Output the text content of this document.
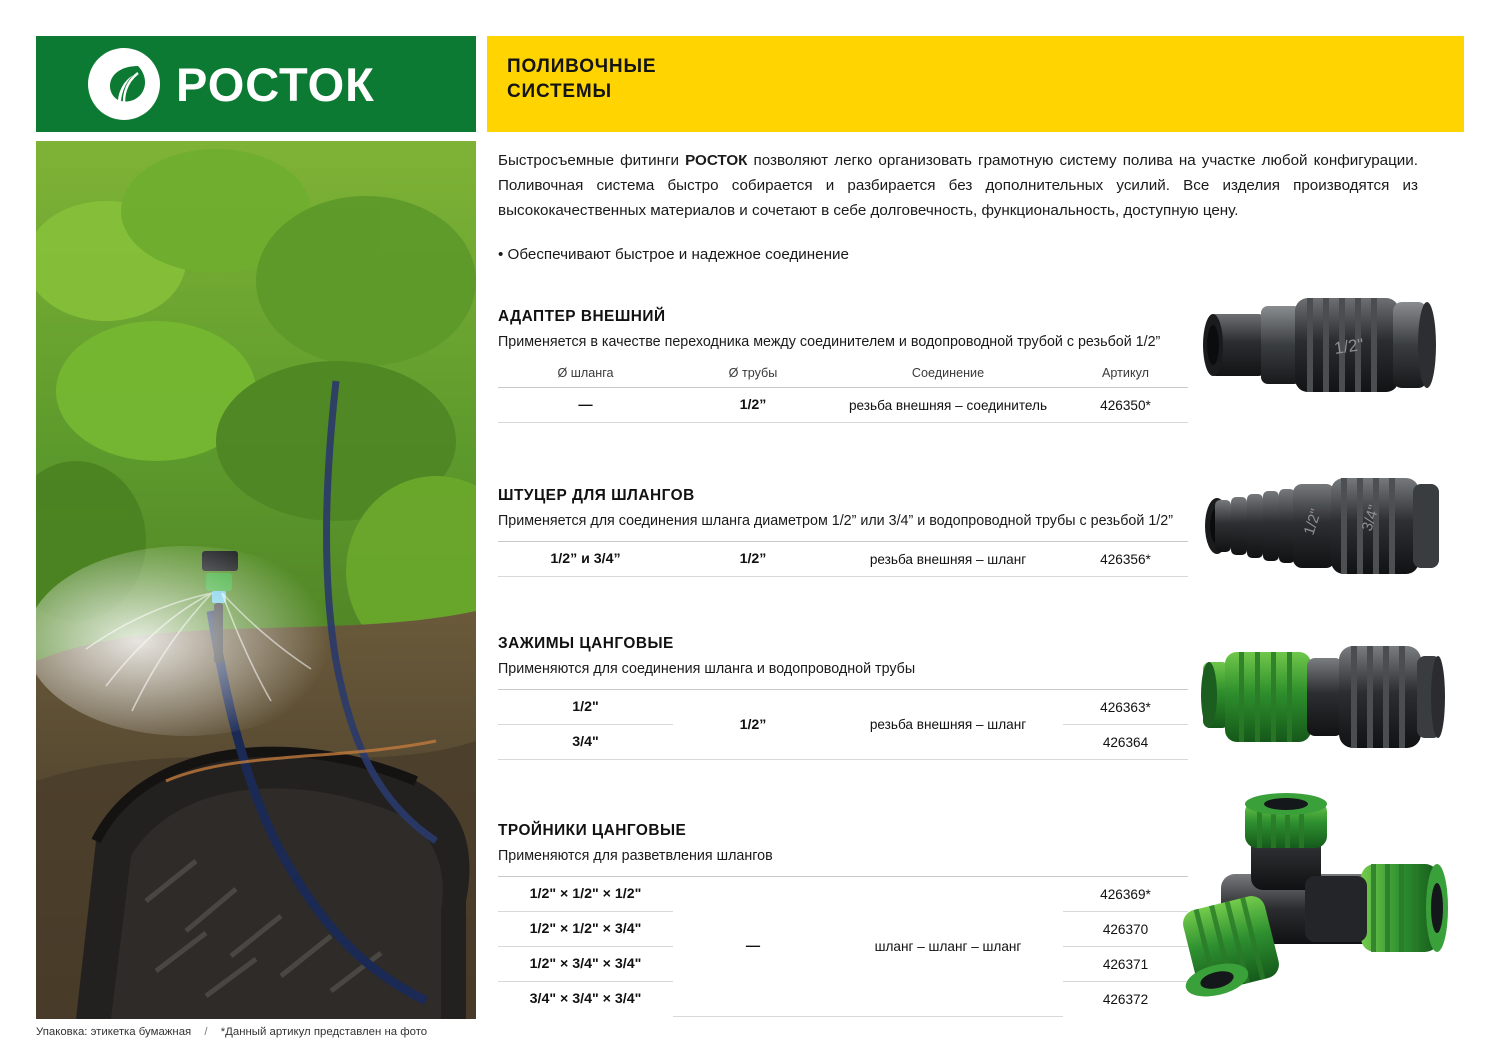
РОСТОК	ПОЛИВОЧНЫЕ
СИСТЕМЫ

Быстросъемные фитинги РОСТОК позволяют легко организовать грамотную систему полива на участке любой конфигурации. Поливочная система быстро собирается и разбирается без дополнительных усилий. Все изделия производятся из высококачественных материалов и сочетают в себе долговечность, функциональность, доступную цену.

• Обеспечивают быстрое и надежное соединение
АДАПТЕР ВНЕШНИЙ
Применяется в качестве переходника между соединителем и водопроводной трубой с резьбой 1/2”
Ø шланга	Ø трубы	Соединение	Артикул
—	1/2”	резьба внешняя – соединитель	426350*
ШТУЦЕР ДЛЯ ШЛАНГОВ
Применяется для соединения шланга диаметром 1/2” или 3/4” и водопроводной трубы с резьбой 1/2”
1/2” и 3/4”	1/2”	резьба внешняя – шланг	426356*
ЗАЖИМЫ ЦАНГОВЫЕ
Применяются для соединения шланга и водопроводной трубы
1/2"	1/2”	резьба внешняя – шланг	426363*
3/4"			426364
ТРОЙНИКИ ЦАНГОВЫЕ
Применяются для разветвления шлангов
1/2" × 1/2" × 1/2"	—	шланг – шланг – шланг	426369*
1/2" × 1/2" × 3/4"			426370
1/2" × 3/4" × 3/4"			426371
3/4" × 3/4" × 3/4"			426372
1/2"
1/2" 3/4"
Упаковка: этикетка бумажная / *Данный артикул представлен на фото
